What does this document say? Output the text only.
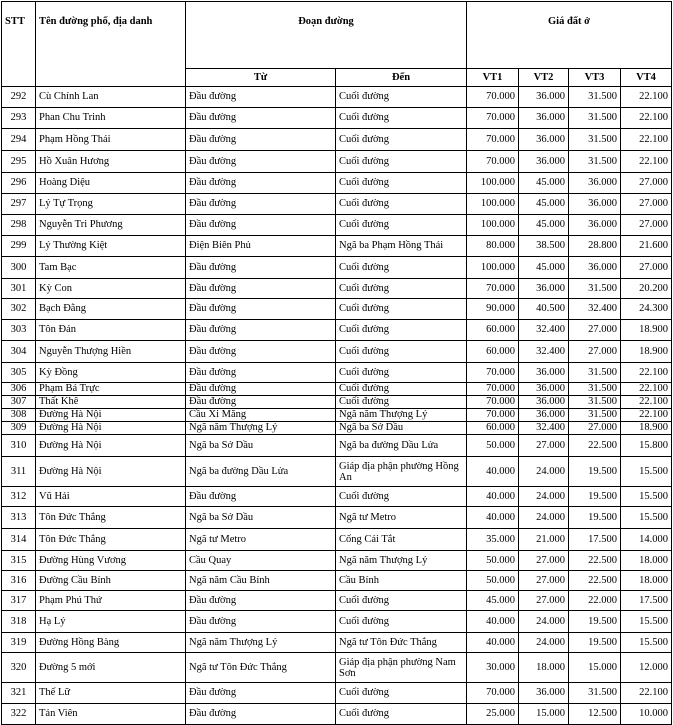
STT	Tên đường phố, địa danh	Đoạn đường		Giá đất ở			
		Từ	Đến	VT1	VT2	VT3	VT4
292	Cù Chính Lan	Đầu đường	Cuối đường	70.000	36.000	31.500	22.100
293	Phan Chu Trinh	Đầu đường	Cuối đường	70.000	36.000	31.500	22.100
294	Phạm Hồng Thái	Đầu đường	Cuối đường	70.000	36.000	31.500	22.100
295	Hồ Xuân Hương	Đầu đường	Cuối đường	70.000	36.000	31.500	22.100
296	Hoàng Diệu	Đầu đường	Cuối đường	100.000	45.000	36.000	27.000
297	Lý Tự Trọng	Đầu đường	Cuối đường	100.000	45.000	36.000	27.000
298	Nguyễn Tri Phương	Đầu đường	Cuối đường	100.000	45.000	36.000	27.000
299	Lý Thường Kiệt	Điện Biên Phủ	Ngã ba Phạm Hồng Thái	80.000	38.500	28.800	21.600
300	Tam Bạc	Đầu đường	Cuối đường	100.000	45.000	36.000	27.000
301	Kỳ Con	Đầu đường	Cuối đường	70.000	36.000	31.500	20.200
302	Bạch Đằng	Đầu đường	Cuối đường	90.000	40.500	32.400	24.300
303	Tôn Đản	Đầu đường	Cuối đường	60.000	32.400	27.000	18.900
304	Nguyễn Thượng Hiền	Đầu đường	Cuối đường	60.000	32.400	27.000	18.900
305	Kỳ Đồng	Đầu đường	Cuối đường	70.000	36.000	31.500	22.100
306	Phạm Bá Trực	Đầu đường	Cuối đường	70.000	36.000	31.500	22.100
307	Thất Khê	Đầu đường	Cuối đường	70.000	36.000	31.500	22.100
308	Đường Hà Nội	Cầu Xi Măng	Ngã năm Thượng Lý	70.000	36.000	31.500	22.100
309	Đường Hà Nội	Ngã năm Thượng Lý	Ngã ba Sở Dầu	60.000	32.400	27.000	18.900
310	Đường Hà Nội	Ngã ba Sở Dầu	Ngã ba đường Dầu Lửa	50.000	27.000	22.500	15.800
311	Đường Hà Nội	Ngã ba đường Dầu Lửa	Giáp địa phận phường Hồng An	40.000	24.000	19.500	15.500
312	Vũ Hải	Đầu đường	Cuối đường	40.000	24.000	19.500	15.500
313	Tôn Đức Thắng	Ngã ba Sở Dầu	Ngã tư Metro	40.000	24.000	19.500	15.500
314	Tôn Đức Thắng	Ngã tư Metro	Cống Cái Tắt	35.000	21.000	17.500	14.000
315	Đường Hùng Vương	Cầu Quay	Ngã năm Thượng Lý	50.000	27.000	22.500	18.000
316	Đường Cầu Bính	Ngã năm Cầu Bính	Cầu Bính	50.000	27.000	22.500	18.000
317	Phạm Phú Thứ	Đầu đường	Cuối đường	45.000	27.000	22.000	17.500
318	Hạ Lý	Đầu đường	Cuối đường	40.000	24.000	19.500	15.500
319	Đường Hồng Bàng	Ngã năm Thượng Lý	Ngã tư Tôn Đức Thắng	40.000	24.000	19.500	15.500
320	Đường 5 mới	Ngã tư Tôn Đức Thắng	Giáp địa phận phường Nam Sơn	30.000	18.000	15.000	12.000
321	Thế Lữ	Đầu đường	Cuối đường	70.000	36.000	31.500	22.100
322	Tản Viên	Đầu đường	Cuối đường	25.000	15.000	12.500	10.000
